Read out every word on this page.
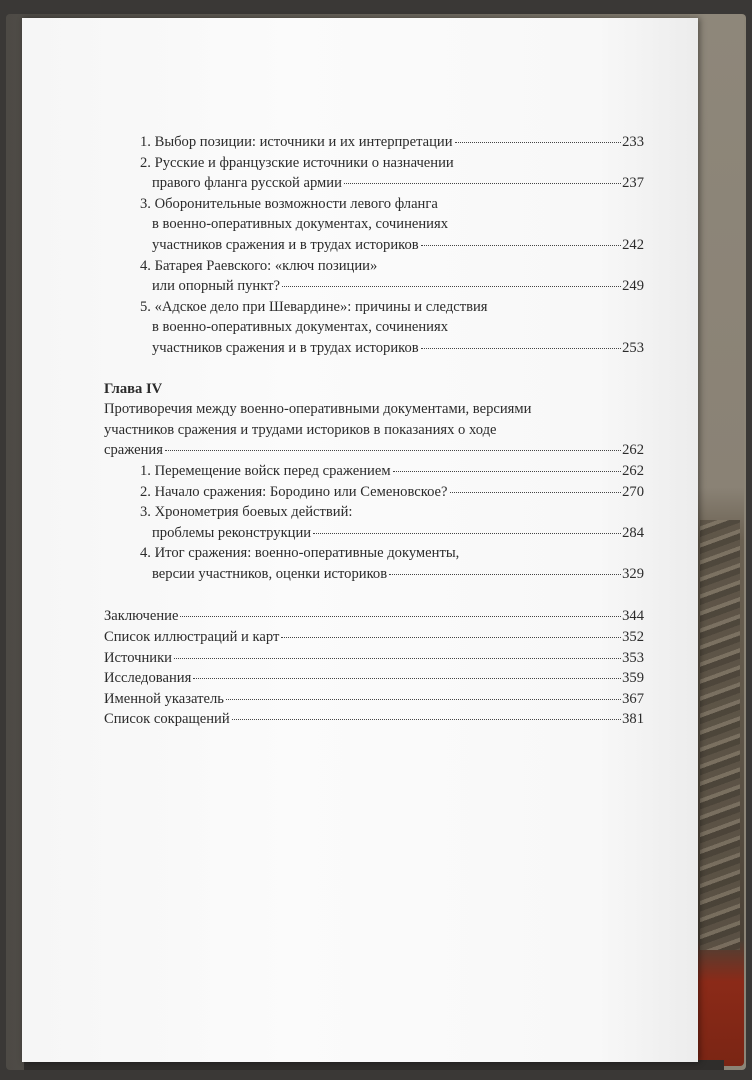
1. Выбор позиции: источники и их интерпретации	233
2. Русские и французские источники о назначении
правого фланга русской армии	237
3. Оборонительные возможности левого фланга
в военно-оперативных документах, сочинениях
участников сражения и в трудах историков	242
4. Батарея Раевского: «ключ позиции»
или опорный пункт?	249
5. «Адское дело при Шевардине»: причины и следствия
в военно-оперативных документах, сочинениях
участников сражения и в трудах историков	253
Глава IV
Противоречия между военно-оперативными документами, версиями
участников сражения и трудами историков в показаниях о ходе
сражения	262
1. Перемещение войск перед сражением	262
2. Начало сражения: Бородино или Семеновское?	270
3. Хронометрия боевых действий:
проблемы реконструкции	284
4. Итог сражения: военно-оперативные документы,
версии участников, оценки историков	329
Заключение	344
Список иллюстраций и карт	352
Источники	353
Исследования	359
Именной указатель	367
Список сокращений	381
